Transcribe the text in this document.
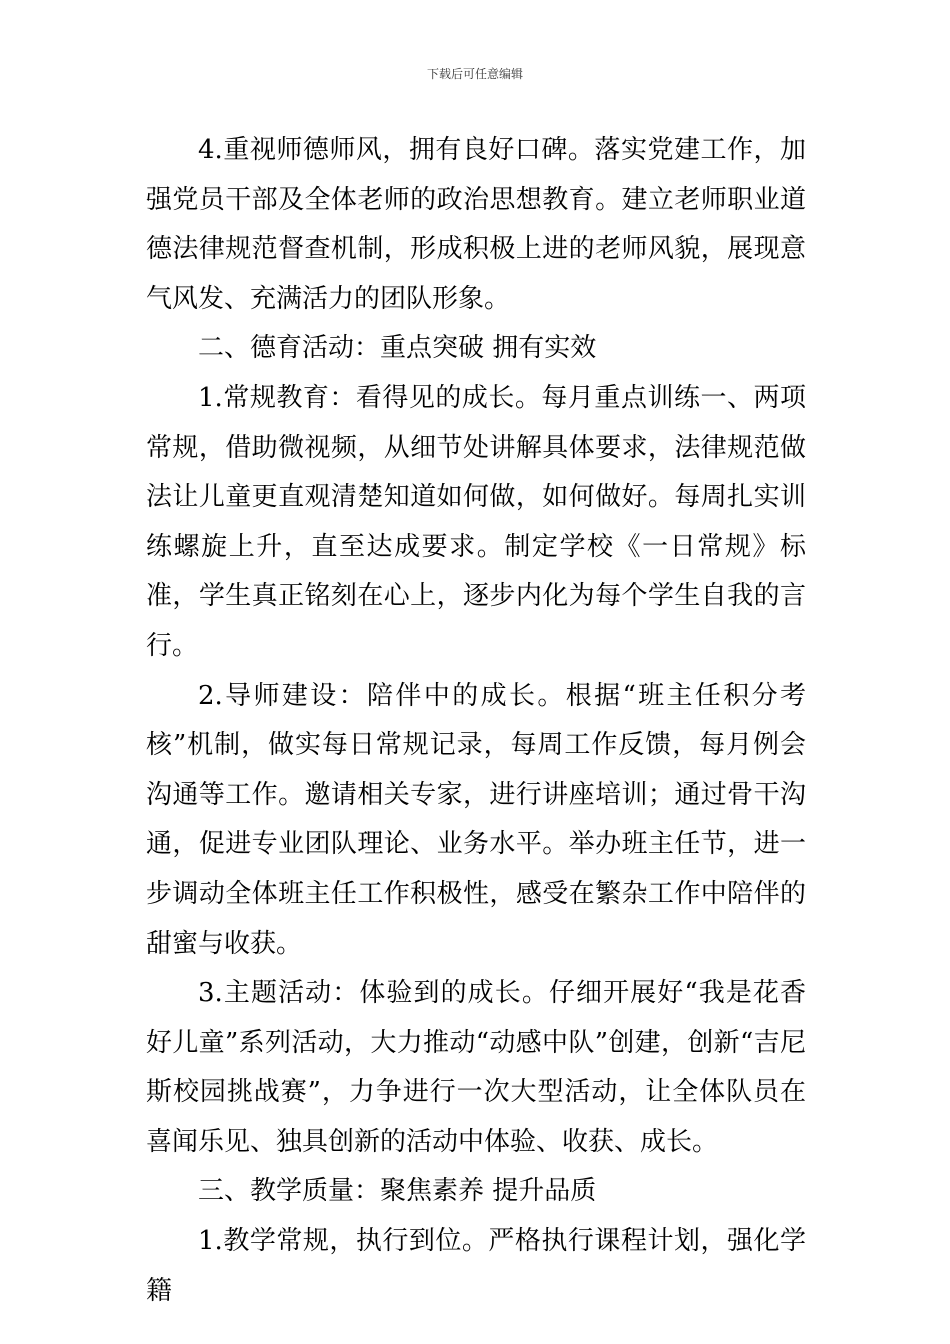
下载后可任意编辑

4.重视师德师风，拥有良好口碑。落实党建工作，加强党员干部及全体老师的政治思想教育。建立老师职业道德法律规范督查机制，形成积极上进的老师风貌，展现意气风发、充满活力的团队形象。

二、德育活动：重点突破 拥有实效

1.常规教育：看得见的成长。每月重点训练一、两项常规，借助微视频，从细节处讲解具体要求，法律规范做法让儿童更直观清楚知道如何做，如何做好。每周扎实训练螺旋上升，直至达成要求。制定学校《一日常规》标准，学生真正铭刻在心上，逐步内化为每个学生自我的言行。

2.导师建设：陪伴中的成长。根据“班主任积分考核”机制，做实每日常规记录，每周工作反馈，每月例会沟通等工作。邀请相关专家，进行讲座培训；通过骨干沟通，促进专业团队理论、业务水平。举办班主任节，进一步调动全体班主任工作积极性，感受在繁杂工作中陪伴的甜蜜与收获。

3.主题活动：体验到的成长。仔细开展好“我是花香好儿童”系列活动，大力推动“动感中队”创建，创新“吉尼斯校园挑战赛”，力争进行一次大型活动，让全体队员在喜闻乐见、独具创新的活动中体验、收获、成长。

三、教学质量：聚焦素养 提升品质

1.教学常规，执行到位。严格执行课程计划，强化学籍
